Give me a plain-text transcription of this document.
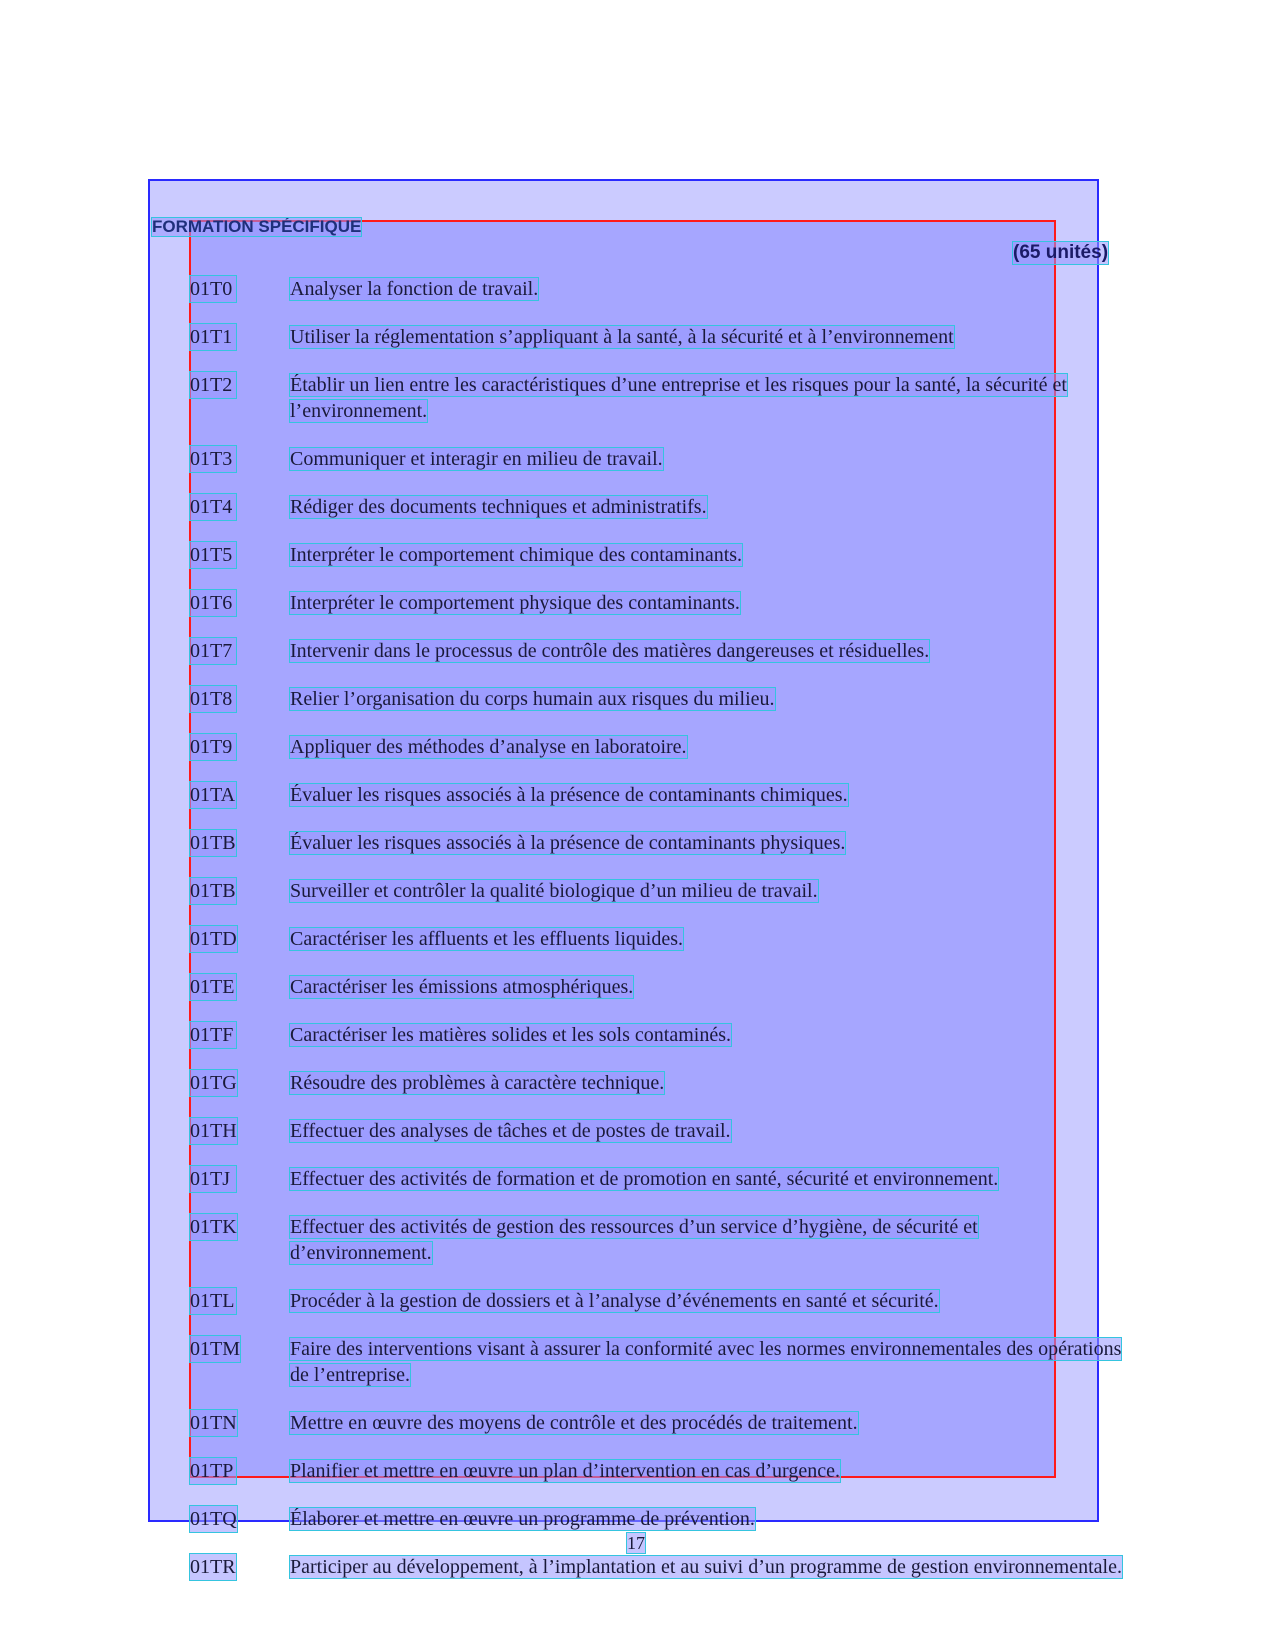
FORMATION SPÉCIFIQUE
(65 unités)
01T0	Analyser la fonction de travail.
01T1	Utiliser la réglementation s’appliquant à la santé, à la sécurité et à l’environnement
01T2	Établir un lien entre les caractéristiques d’une entreprise et les risques pour la santé, la sécurité et l’environnement.
01T3	Communiquer et interagir en milieu de travail.
01T4	Rédiger des documents techniques et administratifs.
01T5	Interpréter le comportement chimique des contaminants.
01T6	Interpréter le comportement physique des contaminants.
01T7	Intervenir dans le processus de contrôle des matières dangereuses et résiduelles.
01T8	Relier l’organisation du corps humain aux risques du milieu.
01T9	Appliquer des méthodes d’analyse en laboratoire.
01TA	Évaluer les risques associés à la présence de contaminants chimiques.
01TB	Évaluer les risques associés à la présence de contaminants physiques.
01TB	Surveiller et contrôler la qualité biologique d’un milieu de travail.
01TD	Caractériser les affluents et les effluents liquides.
01TE	Caractériser les émissions atmosphériques.
01TF	Caractériser les matières solides et les sols contaminés.
01TG	Résoudre des problèmes à caractère technique.
01TH	Effectuer des analyses de tâches et de postes de travail.
01TJ	Effectuer des activités de formation et de promotion en santé, sécurité et environnement.
01TK	Effectuer des activités de gestion des ressources d’un service d’hygiène, de sécurité et d’environnement.
01TL	Procéder à la gestion de dossiers et à l’analyse d’événements en santé et sécurité.
01TM	Faire des interventions visant à assurer la conformité avec les normes environnementales des opérations de l’entreprise.
01TN	Mettre en œuvre des moyens de contrôle et des procédés de traitement.
01TP	Planifier et mettre en œuvre un plan d’intervention en cas d’urgence.
01TQ	Élaborer et mettre en œuvre un programme de prévention.
01TR	Participer au développement, à l’implantation et au suivi d’un programme de gestion environnementale.
17
